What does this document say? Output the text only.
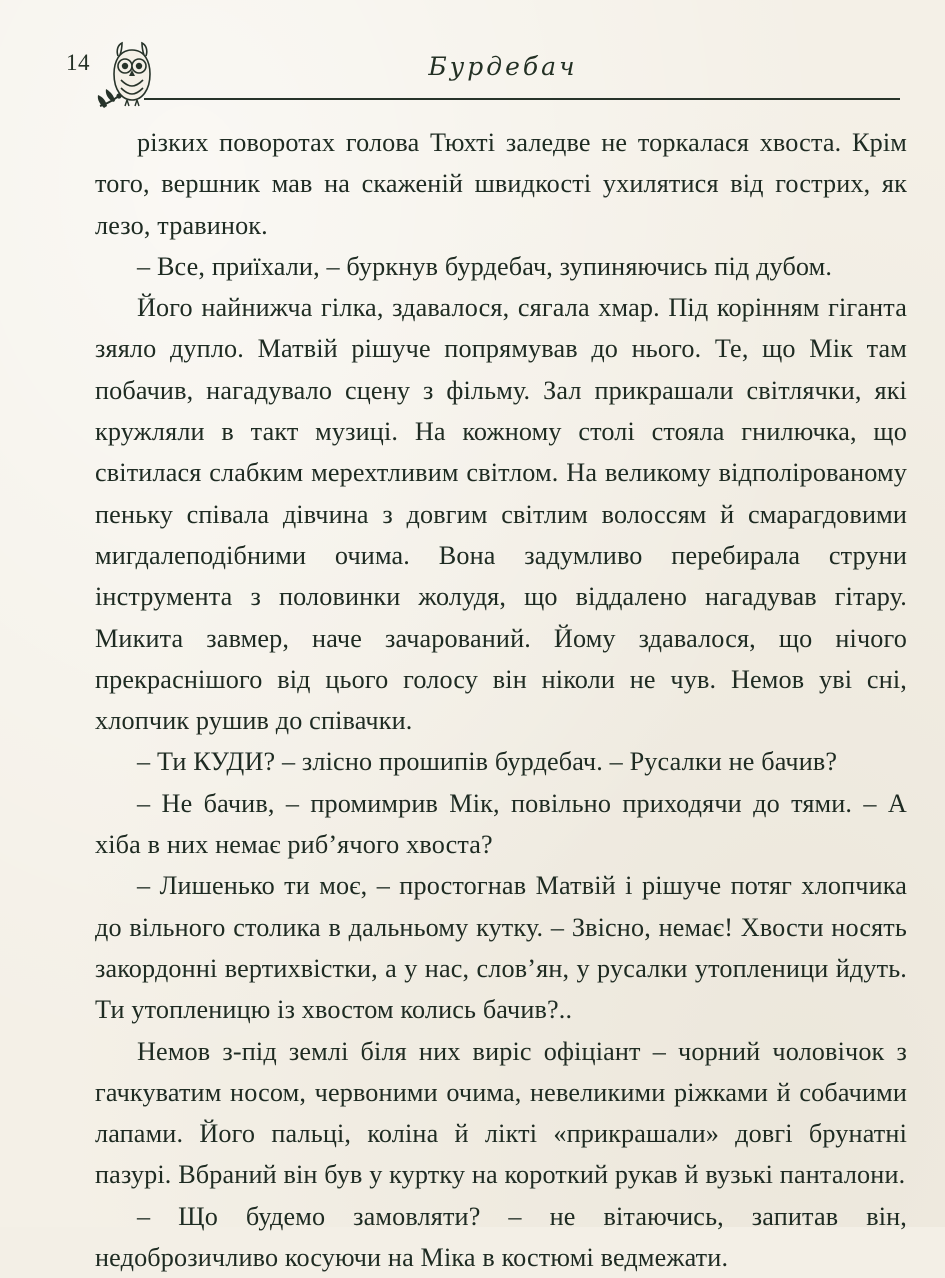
14	Бурдебач

різких поворотах голова Тюхті заледве не торкалася хвоста. Крім того, вершник мав на скаженій швидкості ухилятися від гострих, як лезо, травинок.

– Все, приїхали, – буркнув бурдебач, зупиняючись під дубом.

Його найнижча гілка, здавалося, сягала хмар. Під корінням гіганта зяяло дупло. Матвій рішуче попрямував до нього. Те, що Мік там побачив, нагадувало сцену з фільму. Зал прикрашали світлячки, які кружляли в такт музиці. На кожному столі стояла гнилючка, що світилася слабким мерехтливим світлом. На великому відполірованому пеньку співала дівчина з довгим світлим волоссям й смарагдовими мигдалеподібними очима. Вона задумливо перебирала струни інструмента з половинки жолудя, що віддалено нагадував гітару. Микита завмер, наче зачарований. Йому здавалося, що нічого прекраснішого від цього голосу він ніколи не чув. Немов уві сні, хлопчик рушив до співачки.

– Ти КУДИ? – злісно прошипів бурдебач. – Русалки не бачив?

– Не бачив, – промимрив Мік, повільно приходячи до тями. – А хіба в них немає риб’ячого хвоста?

– Лишенько ти моє, – простогнав Матвій і рішуче потяг хлопчика до вільного столика в дальньому кутку. – Звісно, немає! Хвости носять закордонні вертихвістки, а у нас, слов’ян, у русалки утопленици йдуть. Ти утопленицю із хвостом колись бачив?..

Немов з-під землі біля них виріс офіціант – чорний чоловічок з гачкуватим носом, червоними очима, невеликими ріжками й собачими лапами. Його пальці, коліна й лікті «прикрашали» довгі брунатні пазурі. Вбраний він був у куртку на короткий рукав й вузькі панталони.

– Що будемо замовляти? – не вітаючись, запитав він, недоброзичливо косуючи на Міка в костюмі ведмежати.
